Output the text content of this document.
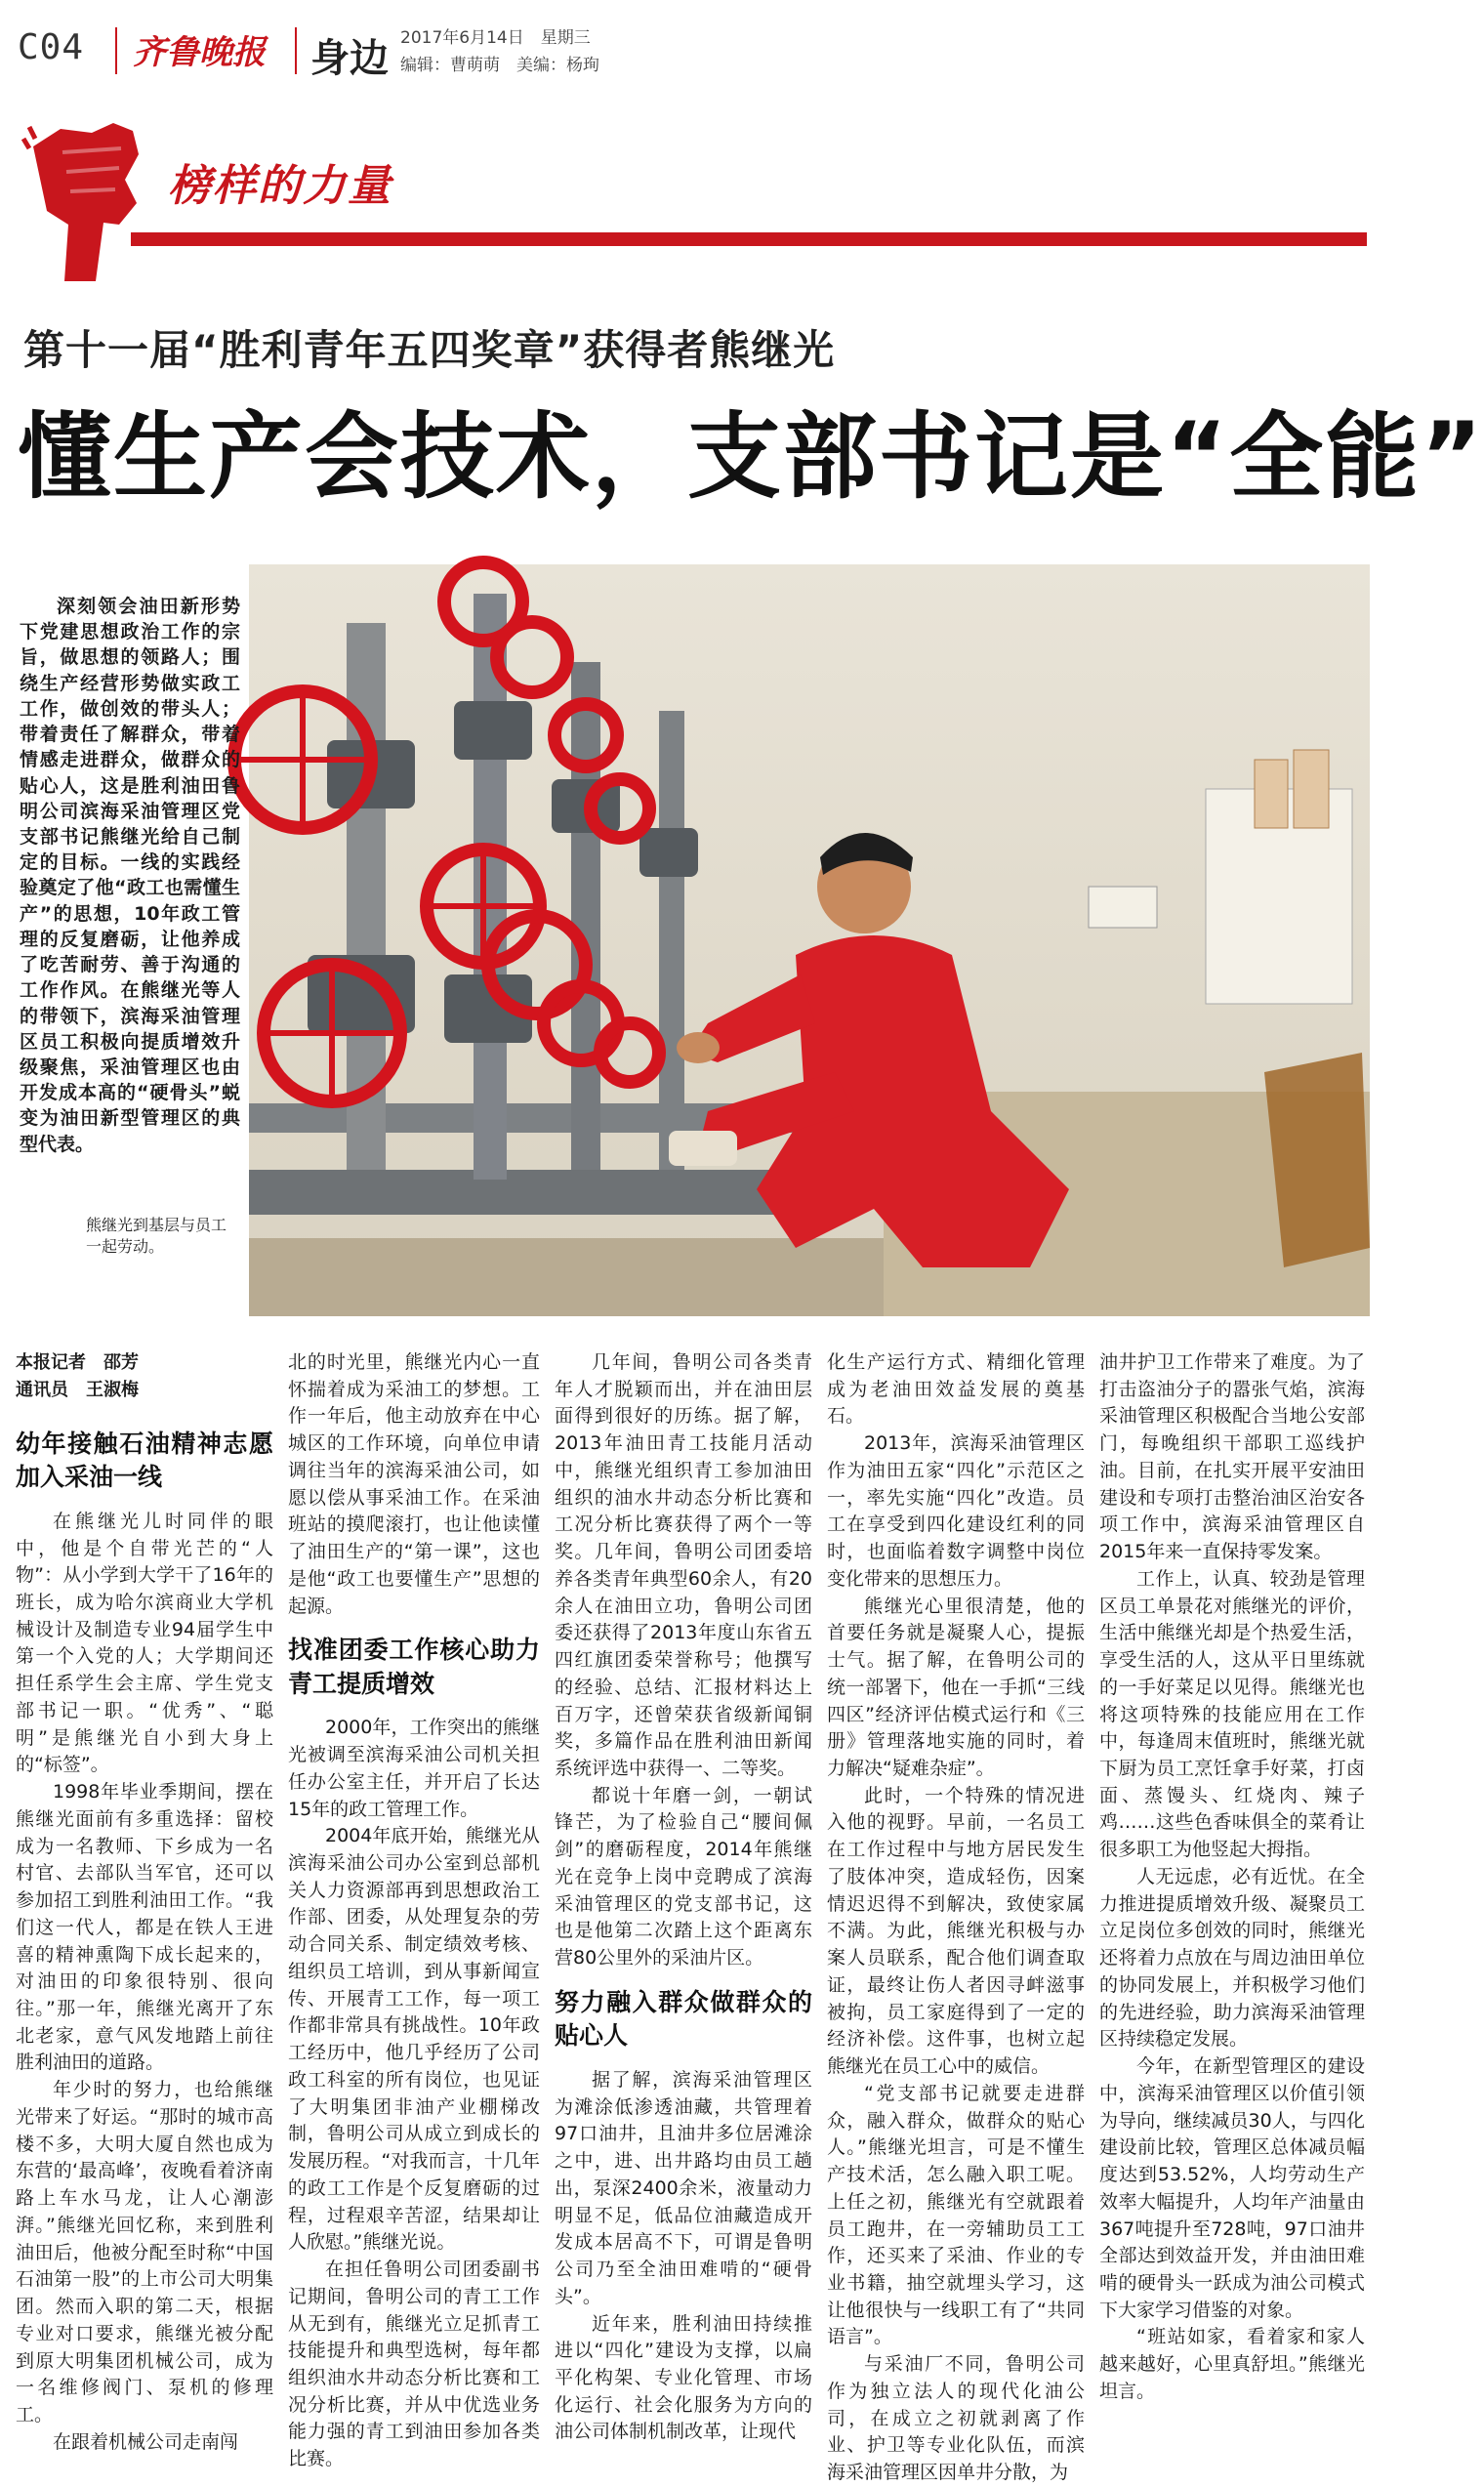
C04 齐鲁晚报 身边 2017年6月14日　星期三
编辑：曹萌萌　美编：杨珣
榜样的力量
第十一届“胜利青年五四奖章”获得者熊继光
懂生产会技术，支部书记是“全能”

深刻领会油田新形势下党建思想政治工作的宗旨，做思想的领路人；围绕生产经营形势做实政工工作，做创效的带头人；带着责任了解群众，带着情感走进群众，做群众的贴心人，这是胜利油田鲁明公司滨海采油管理区党支部书记熊继光给自己制定的目标。一线的实践经验奠定了他“政工也需懂生产”的思想，10年政工管理的反复磨砺，让他养成了吃苦耐劳、善于沟通的工作作风。在熊继光等人的带领下，滨海采油管理区员工积极向提质增效升级聚焦，采油管理区也由开发成本高的“硬骨头”蜕变为油田新型管理区的典型代表。

熊继光到基层与员工一起劳动。

本报记者　邵芳
通讯员　王淑梅

幼年接触石油精神志愿加入采油一线

在熊继光儿时同伴的眼中，他是个自带光芒的“人物”：从小学到大学干了16年的班长，成为哈尔滨商业大学机械设计及制造专业94届学生中第一个入党的人；大学期间还担任系学生会主席、学生党支部书记一职。“优秀”、“聪明”是熊继光自小到大身上的“标签”。

1998年毕业季期间，摆在熊继光面前有多重选择：留校成为一名教师、下乡成为一名村官、去部队当军官，还可以参加招工到胜利油田工作。“我们这一代人，都是在铁人王进喜的精神熏陶下成长起来的，对油田的印象很特别、很向往。”那一年，熊继光离开了东北老家，意气风发地踏上前往胜利油田的道路。

年少时的努力，也给熊继光带来了好运。“那时的城市高楼不多，大明大厦自然也成为东营的‘最高峰’，夜晚看着济南路上车水马龙，让人心潮澎湃。”熊继光回忆称，来到胜利油田后，他被分配至时称“中国石油第一股”的上市公司大明集团。然而入职的第二天，根据专业对口要求，熊继光被分配到原大明集团机械公司，成为一名维修阀门、泵机的修理工。

在跟着机械公司走南闯

北的时光里，熊继光内心一直怀揣着成为采油工的梦想。工作一年后，他主动放弃在中心城区的工作环境，向单位申请调往当年的滨海采油公司，如愿以偿从事采油工作。在采油班站的摸爬滚打，也让他读懂了油田生产的“第一课”，这也是他“政工也要懂生产”思想的起源。

找准团委工作核心助力青工提质增效

2000年，工作突出的熊继光被调至滨海采油公司机关担任办公室主任，并开启了长达15年的政工管理工作。

2004年底开始，熊继光从滨海采油公司办公室到总部机关人力资源部再到思想政治工作部、团委，从处理复杂的劳动合同关系、制定绩效考核、组织员工培训，到从事新闻宣传、开展青工工作，每一项工作都非常具有挑战性。10年政工经历中，他几乎经历了公司政工科室的所有岗位，也见证了大明集团非油产业棚梯改制，鲁明公司从成立到成长的发展历程。“对我而言，十几年的政工工作是个反复磨砺的过程，过程艰辛苦涩，结果却让人欣慰。”熊继光说。

在担任鲁明公司团委副书记期间，鲁明公司的青工工作从无到有，熊继光立足抓青工技能提升和典型选树，每年都组织油水井动态分析比赛和工况分析比赛，并从中优选业务能力强的青工到油田参加各类比赛。

几年间，鲁明公司各类青年人才脱颖而出，并在油田层面得到很好的历练。据了解，2013年油田青工技能月活动中，熊继光组织青工参加油田组织的油水井动态分析比赛和工况分析比赛获得了两个一等奖。几年间，鲁明公司团委培养各类青年典型60余人，有20余人在油田立功，鲁明公司团委还获得了2013年度山东省五四红旗团委荣誉称号；他撰写的经验、总结、汇报材料达上百万字，还曾荣获省级新闻铜奖，多篇作品在胜利油田新闻系统评选中获得一、二等奖。

都说十年磨一剑，一朝试锋芒，为了检验自己“腰间佩剑”的磨砺程度，2014年熊继光在竞争上岗中竞聘成了滨海采油管理区的党支部书记，这也是他第二次踏上这个距离东营80公里外的采油片区。

努力融入群众做群众的贴心人

据了解，滨海采油管理区为滩涂低渗透油藏，共管理着97口油井，且油井多位居滩涂之中，进、出井路均由员工趟出，泵深2400余米，液量动力明显不足，低品位油藏造成开发成本居高不下，可谓是鲁明公司乃至全油田难啃的“硬骨头”。

近年来，胜利油田持续推进以“四化”建设为支撑，以扁平化构架、专业化管理、市场化运行、社会化服务为方向的油公司体制机制改革，让现代

化生产运行方式、精细化管理成为老油田效益发展的奠基石。

2013年，滨海采油管理区作为油田五家“四化”示范区之一，率先实施“四化”改造。员工在享受到四化建设红利的同时，也面临着数字调整中岗位变化带来的思想压力。

熊继光心里很清楚，他的首要任务就是凝聚人心，提振士气。据了解，在鲁明公司的统一部署下，他在一手抓“三线四区”经济评估模式运行和《三册》管理落地实施的同时，着力解决“疑难杂症”。

此时，一个特殊的情况进入他的视野。早前，一名员工在工作过程中与地方居民发生了肢体冲突，造成轻伤，因案情迟迟得不到解决，致使家属不满。为此，熊继光积极与办案人员联系，配合他们调查取证，最终让伤人者因寻衅滋事被拘，员工家庭得到了一定的经济补偿。这件事，也树立起熊继光在员工心中的威信。

“党支部书记就要走进群众，融入群众，做群众的贴心人。”熊继光坦言，可是不懂生产技术活，怎么融入职工呢。上任之初，熊继光有空就跟着员工跑井，在一旁辅助员工工作，还买来了采油、作业的专业书籍，抽空就埋头学习，这让他很快与一线职工有了“共同语言”。

与采油厂不同，鲁明公司作为独立法人的现代化油公司，在成立之初就剥离了作业、护卫等专业化队伍，而滨海采油管理区因单井分散，为

油井护卫工作带来了难度。为了打击盗油分子的嚣张气焰，滨海采油管理区积极配合当地公安部门，每晚组织干部职工巡线护油。目前，在扎实开展平安油田建设和专项打击整治油区治安各项工作中，滨海采油管理区自2015年来一直保持零发案。

工作上，认真、较劲是管理区员工单景花对熊继光的评价，生活中熊继光却是个热爱生活，享受生活的人，这从平日里练就的一手好菜足以见得。熊继光也将这项特殊的技能应用在工作中，每逢周末值班时，熊继光就下厨为员工烹饪拿手好菜，打卤面、蒸馒头、红烧肉、辣子鸡……这些色香味俱全的菜肴让很多职工为他竖起大拇指。

人无远虑，必有近忧。在全力推进提质增效升级、凝聚员工立足岗位多创效的同时，熊继光还将着力点放在与周边油田单位的协同发展上，并积极学习他们的先进经验，助力滨海采油管理区持续稳定发展。

今年，在新型管理区的建设中，滨海采油管理区以价值引领为导向，继续减员30人，与四化建设前比较，管理区总体减员幅度达到53.52%，人均劳动生产效率大幅提升，人均年产油量由367吨提升至728吨，97口油井全部达到效益开发，并由油田难啃的硬骨头一跃成为油公司模式下大家学习借鉴的对象。

“班站如家，看着家和家人越来越好，心里真舒坦。”熊继光坦言。
